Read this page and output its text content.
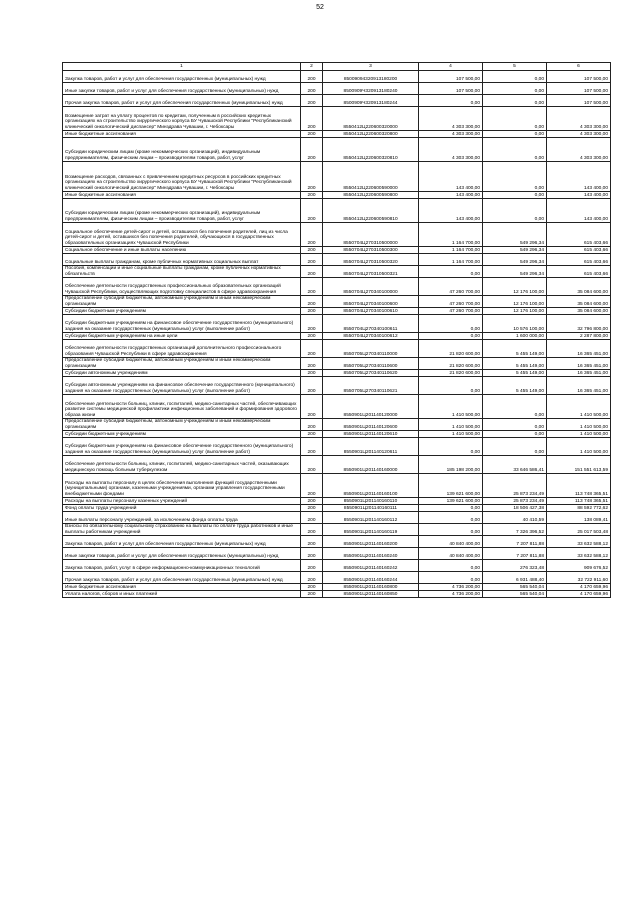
52
1	2	3	4	5	6
Закупка товаров, работ и услуг для обеспечения государственных (муниципальных) нужд	200	85009094320913180200	107 500,00	0,00	107 500,00
Иные закупки товаров, работ и услуг для обеспечения государственных (муниципальных) нужд	200	8500909Ч320913180240	107 500,00	0,00	107 500,00
Прочая закупка товаров, работ и услуг для обеспечения государственных (муниципальных) нужд	200	8500909Ч320913180244	0,00	0,00	107 500,00
Возмещение затрат на уплату процентов по кредитам, полученным в российских кредитных организациях на строительство хирургического корпуса БУ Чувашской Республики "Республиканский клинический онкологический диспансер" Минздрава Чувашии, г. Чебоксары	200	8550412Ц220600320000	4 303 300,00	0,00	4 303 300,00
Иные бюджетные ассигнования	200	8550412Ц220600320800	4 303 300,00	0,00	4 303 300,00
Субсидии юридическим лицам (кроме некоммерческих организаций), индивидуальным предпринимателям, физическим лицам – производителям товаров, работ, услуг	200	8550412Ц220600320810	4 303 300,00	0,00	4 303 300,00
Возмещение расходов, связанных с привлечением кредитных ресурсов в российских кредитных организациях на строительство хирургического корпуса БУ Чувашской Республики "Республиканский клинический онкологический диспансер" Минздрава Чувашии, г. Чебоксары	200	8550412Ц220600590000	143 400,00	0,00	143 400,00
Иные бюджетные ассигнования	200	8550412Ц220600590800	143 400,00	0,00	143 400,00
Субсидии юридическим лицам (кроме некоммерческих организаций), индивидуальным предпринимателям, физическим лицам – производителям товаров, работ, услуг	200	8550412Ц220600590810	143 400,00	0,00	143 400,00
Социальное обеспечение детей-сирот и детей, оставшихся без попечения родителей, лиц из числа детей-сирот и детей, оставшихся без попечения родителей, обучающихся в государственных образовательных организациях Чувашской Республики	200	8550704Ц270310500000	1 164 700,00	549 296,34	615 403,66
Социальное обеспечение и иные выплаты населению	200	8550704Ц270310500300	1 164 700,00	549 296,34	615 403,66
Социальные выплаты гражданам, кроме публичных нормативных социальных выплат	200	8550704Ц270310500320	1 164 700,00	549 296,34	615 403,66
Пособия, компенсации и иные социальные выплаты гражданам, кроме публичных нормативных обязательств	200	8550704Ц270310500321	0,00	549 296,34	615 403,66
Обеспечение деятельности государственных профессиональных образовательных организаций Чувашской Республики, осуществляющих подготовку специалистов в сфере здравоохранения	200	8550704Ц270340100000	47 260 700,00	12 176 100,00	35 084 600,00
Предоставление субсидий бюджетным, автономным учреждениям и иным некоммерческим организациям	200	8550704Ц270340100600	47 260 700,00	12 176 100,00	35 084 600,00
Субсидии бюджетным учреждениям	200	8550704Ц270340100610	47 260 700,00	12 176 100,00	35 084 600,00
Субсидии бюджетным учреждениям на финансовое обеспечение государственного (муниципального) задания на оказание государственных (муниципальных) услуг (выполнение работ)	200	8550704Ц270340100611	0,00	10 576 100,00	32 796 800,00
Субсидии бюджетным учреждениям на иные цели	200	8550704Ц270340100612	0,00	1 600 000,00	2 287 800,00
Обеспечение деятельности государственных организаций дополнительного профессионального образования Чувашской Республики в сфере здравоохранения	200	8550705Ц270340110000	21 820 600,00	5 455 149,00	16 365 451,00
Предоставление субсидий бюджетным, автономным учреждениям и иным некоммерческим организациям	200	8550705Ц270340110600	21 820 600,00	5 455 149,00	16 365 451,00
Субсидии автономным учреждениям	200	8550705Ц270340110620	21 820 600,00	5 455 149,00	16 365 451,00
Субсидии автономным учреждениям на финансовое обеспечение государственного (муниципального) задания на оказание государственных (муниципальных) услуг (выполнение работ)	200	8550705Ц270340110621	0,00	5 455 149,00	16 365 451,00
Обеспечение деятельности больниц, клиник, госпиталей, медико-санитарных частей, обеспечивающих развитие системы медицинской профилактики инфекционных заболеваний и формирования здорового образа жизни	200	8550901Ц201140120000	1 410 500,00	0,00	1 410 500,00
Предоставление субсидий бюджетным, автономным учреждениям и иным некоммерческим организациям	200	8550901Ц201140120600	1 410 500,00	0,00	1 410 500,00
Субсидии бюджетным учреждениям	200	8550901Ц201140120610	1 410 500,00	0,00	1 410 500,00
Субсидии бюджетным учреждениям на финансовое обеспечение государственного (муниципального) задания на оказание государственных (муниципальных) услуг (выполнение работ)	200	8550901Ц201140120611	0,00	0,00	1 410 500,00
Обеспечение деятельности больниц, клиник, госпиталей, медико-санитарных частей, оказывающих медицинскую помощь больным туберкулезом	200	8550901Ц201140160000	185 198 200,00	33 646 586,41	151 551 613,59
Расходы на выплаты персоналу в целях обеспечения выполнения функций государственными (муниципальными) органами, казенными учреждениями, органами управления государственными внебюджетными фондами	200	8550901Ц201140160100	139 621 600,00	25 873 234,49	113 748 365,51
Расходы на выплаты персоналу казенных учреждений	200	8550901Ц201140160110	139 621 600,00	25 873 234,49	113 748 365,51
Фонд оплаты труда учреждений	200	8550901Ц201140160111	0,00	18 506 427,38	88 592 772,62
Иные выплаты персоналу учреждений, за исключением фонда оплаты труда	200	8550901Ц201140160112	0,00	40 410,59	138 089,41
Взносы по обязательному социальному страхованию на выплаты по оплате труда работников и иные выплаты работникам учреждений	200	8550901Ц201140160119	0,00	7 326 396,52	25 017 503,48
Закупка товаров, работ и услуг для обеспечения государственных (муниципальных) нужд	200	8550901Ц201140160200	40 840 400,00	7 207 811,88	33 632 588,12
Иные закупки товаров, работ и услуг для обеспечения государственных (муниципальных) нужд	200	8550901Ц201140160240	40 840 400,00	7 207 811,88	33 632 588,12
Закупка товаров, работ, услуг в сфере информационно-коммуникационных технологий	200	8550901Ц201140160242	0,00	276 323,48	909 676,52
Прочая закупка товаров, работ и услуг для обеспечения государственных (муниципальных) нужд	200	8550901Ц201140160244	0,00	6 931 488,40	32 722 911,60
Иные бюджетные ассигнования	200	8550901Ц201140160800	4 736 200,00	565 540,04	4 170 659,96
Уплата налогов, сборов и иных платежей	200	8550901Ц201140160850	4 736 200,00	565 540,04	4 170 659,96
